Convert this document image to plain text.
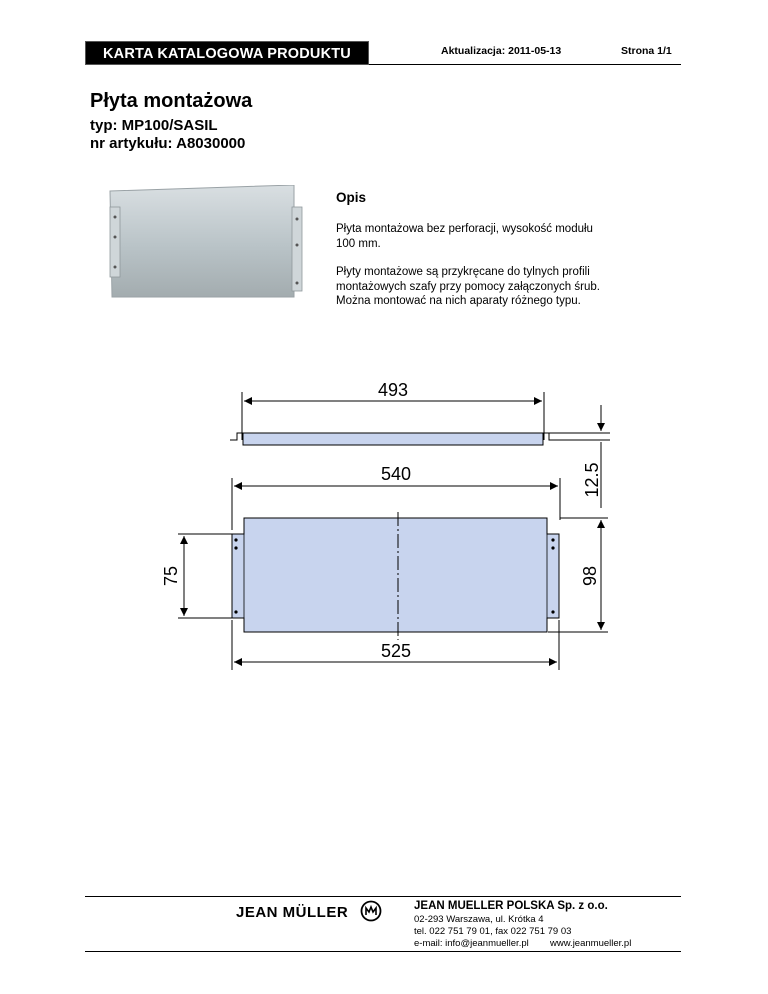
KARTA KATALOGOWA PRODUKTU	Aktualizacja: 2011-05-13	Strona 1/1
Płyta montażowa
typ: MP100/SASIL
nr artykułu: A8030000
Opis
Płyta montażowa bez perforacji, wysokość modułu
100 mm.
Płyty montażowe są przykręcane do tylnych profili
montażowych szafy przy pomocy załączonych śrub.
Można montować na nich aparaty różnego typu.
493
12.5
540
75	98
525
JEAN MÜLLER	JEAN MUELLER POLSKA Sp. z o.o.
02-293 Warszawa, ul. Krótka 4
tel. 022 751 79 01, fax 022 751 79 03
e-mail: info@jeanmueller.pl www.jeanmueller.pl
